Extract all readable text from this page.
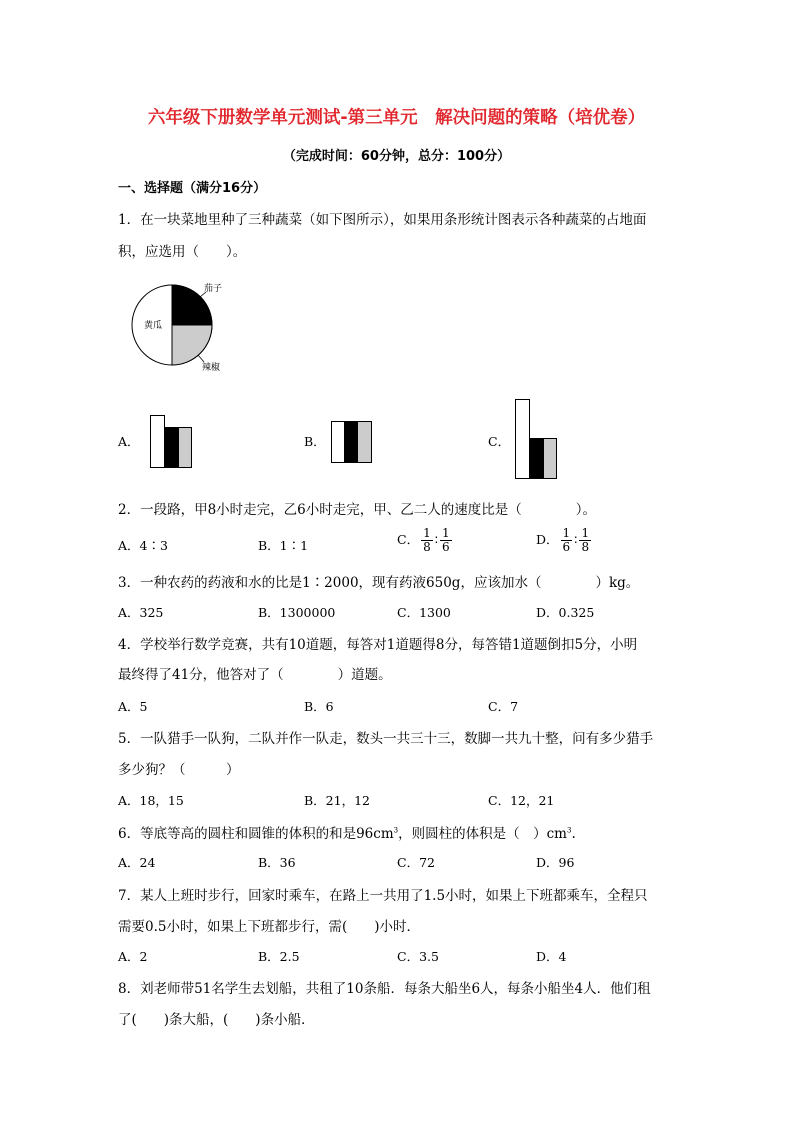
六年级下册数学单元测试-第三单元　解决问题的策略（培优卷）
（完成时间：60分钟，总分：100分）
一、选择题（满分16分）
1．在一块菜地里种了三种蔬菜（如下图所示），如果用条形统计图表示各种蔬菜的占地面
积，应选用（　　）。
茄子
黄瓜
辣椒
A．	B．	C．
2．一段路，甲8小时走完，乙6小时走完，甲、乙二人的速度比是（　　　　）。
A．4∶3	B．1∶1	C． $\frac{1}{8}$ ∶ $\frac{1}{6}$	D． $\frac{1}{6}$ ∶ $\frac{1}{8}$
3．一种农药的药液和水的比是1∶2000，现有药液650g，应该加水（　　　　）kg。
A．325	B．1300000	C．1300	D．0.325
4．学校举行数学竞赛，共有10道题，每答对1道题得8分，每答错1道题倒扣5分，小明
最终得了41分，他答对了（　　　　）道题。
A．5	B．6	C．7
5．一队猎手一队狗，二队并作一队走，数头一共三十三，数脚一共九十整，问有多少猎手
多少狗？（　　　）
A．18，15	B．21，12	C．12，21
6．等底等高的圆柱和圆锥的体积的和是$96cm^3$，则圆柱的体积是（　）$cm^3$.
A．24	B．36	C．72	D．96
7．某人上班时步行，回家时乘车，在路上一共用了1.5小时，如果上下班都乘车，全程只
需要0.5小时，如果上下班都步行，需(　　)小时．
A．2	B．2.5	C．3.5	D．4
8．刘老师带51名学生去划船，共租了10条船．每条大船坐6人，每条小船坐4人．他们租
了(　　)条大船，(　　)条小船．
